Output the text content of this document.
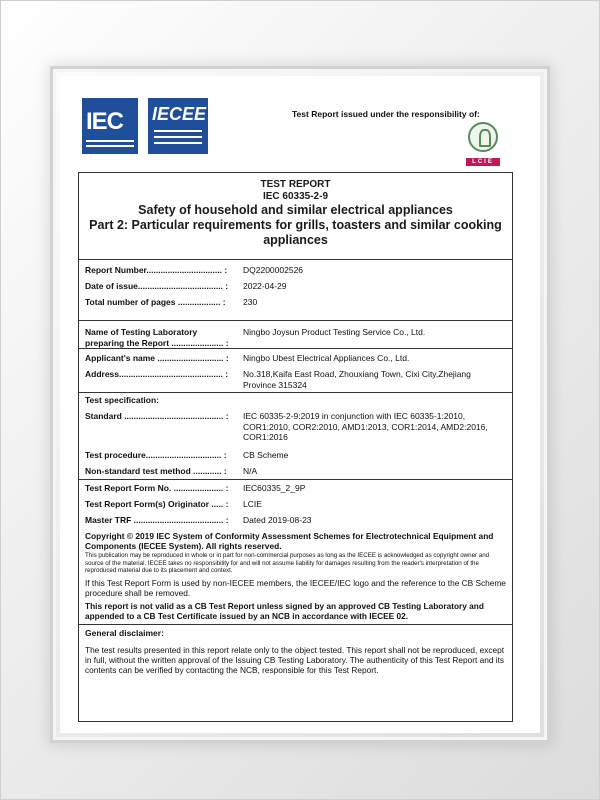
IEC IECEE	Test Report issued under the responsibility of:
LCIE
TEST REPORT
IEC 60335-2-9
Safety of household and similar electrical appliances
Part 2: Particular requirements for grills, toasters and similar cooking appliances
Report Number................................ :	DQ2200002526
Date of issue.................................... :	2022-04-29
Total number of pages .................. :	230
Name of Testing Laboratory preparing the Report ...................... :
Ningbo Joysun Product Testing Service Co., Ltd.
Applicant's name ............................ :	Ningbo Ubest Electrical Appliances Co., Ltd.
Address............................................ :	No.318,Kaifa East Road, Zhouxiang Town, Cixi City,Zhejiang Province 315324
Test specification:
Standard .......................................... :	IEC 60335-2-9:2019 in conjunction with IEC 60335-1:2010, COR1:2010, COR2:2010, AMD1:2013, COR1:2014, AMD2:2016, COR1:2016
Test procedure................................ :	CB Scheme
Non-standard test method ............ :	N/A
Test Report Form No. ..................... :	IEC60335_2_9P
Test Report Form(s) Originator ..... :	LCIE
Master TRF ...................................... :	Dated 2019-08-23
Copyright © 2019 IEC System of Conformity Assessment Schemes for Electrotechnical Equipment and Components (IECEE System). All rights reserved.
This publication may be reproduced in whole or in part for non-commercial purposes as long as the IECEE is acknowledged as copyright owner and source of the material. IECEE takes no responsibility for and will not assume liability for damages resulting from the reader's interpretation of the reproduced material due to its placement and context.
If this Test Report Form is used by non-IECEE members, the IECEE/IEC logo and the reference to the CB Scheme procedure shall be removed.
This report is not valid as a CB Test Report unless signed by an approved CB Testing Laboratory and appended to a CB Test Certificate issued by an NCB in accordance with IECEE 02.
General disclaimer:
The test results presented in this report relate only to the object tested. This report shall not be reproduced, except in full, without the written approval of the Issuing CB Testing Laboratory. The authenticity of this Test Report and its contents can be verified by contacting the NCB, responsible for this Test Report.
